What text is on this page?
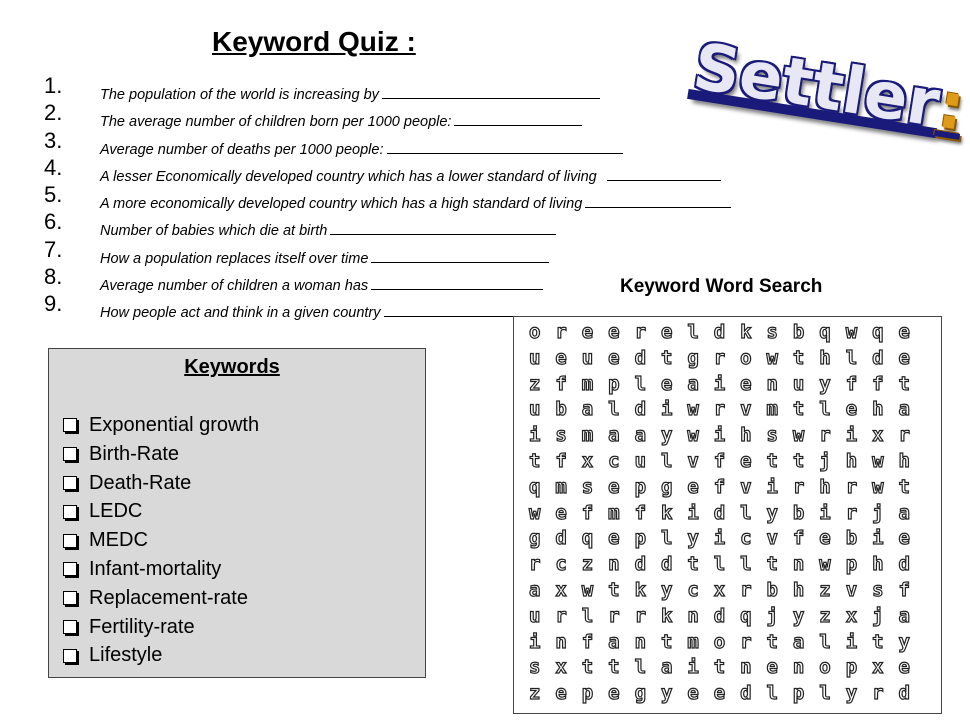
Keyword Quiz :	Settler:
1.
2.
3.
4.
5.
6.
7.
8.
9.
The population of the world is increasing by
The average number of children born per 1000 people:
Average number of deaths per 1000 people:
A lesser Economically developed country which has a lower standard of living
A more economically developed country which has a high standard of living
Number of babies which die at birth
How a population replaces itself over time
Average number of children a woman has
How people act and think in a given country
Keyword Word Search
Keywords
Exponential growth
Birth-Rate
Death-Rate
LEDC
MEDC
Infant-mortality
Replacement-rate
Fertility-rate
Lifestyle
o r e e r e l d k s b q w q e
u e u e d t g r o w t h l d e
z f m p l e a i e n u y f f t
u b a l d i w r v m t l e h a
i s m a a y w i h s w r i x r
t f x c u l v f e t t j h w h
q m s e p g e f v i r h r w t
w e f m f k i d l y b i r j a
g d q e p l y i c v f e b i e
r c z n d d t l l t n w p h d
a x w t k y c x r b h z v s f
u r l r r k n d q j y z x j a
i n f a n t m o r t a l i t y
s x t t l a i t n e n o p x e
z e p e g y e e d l p l y r d
